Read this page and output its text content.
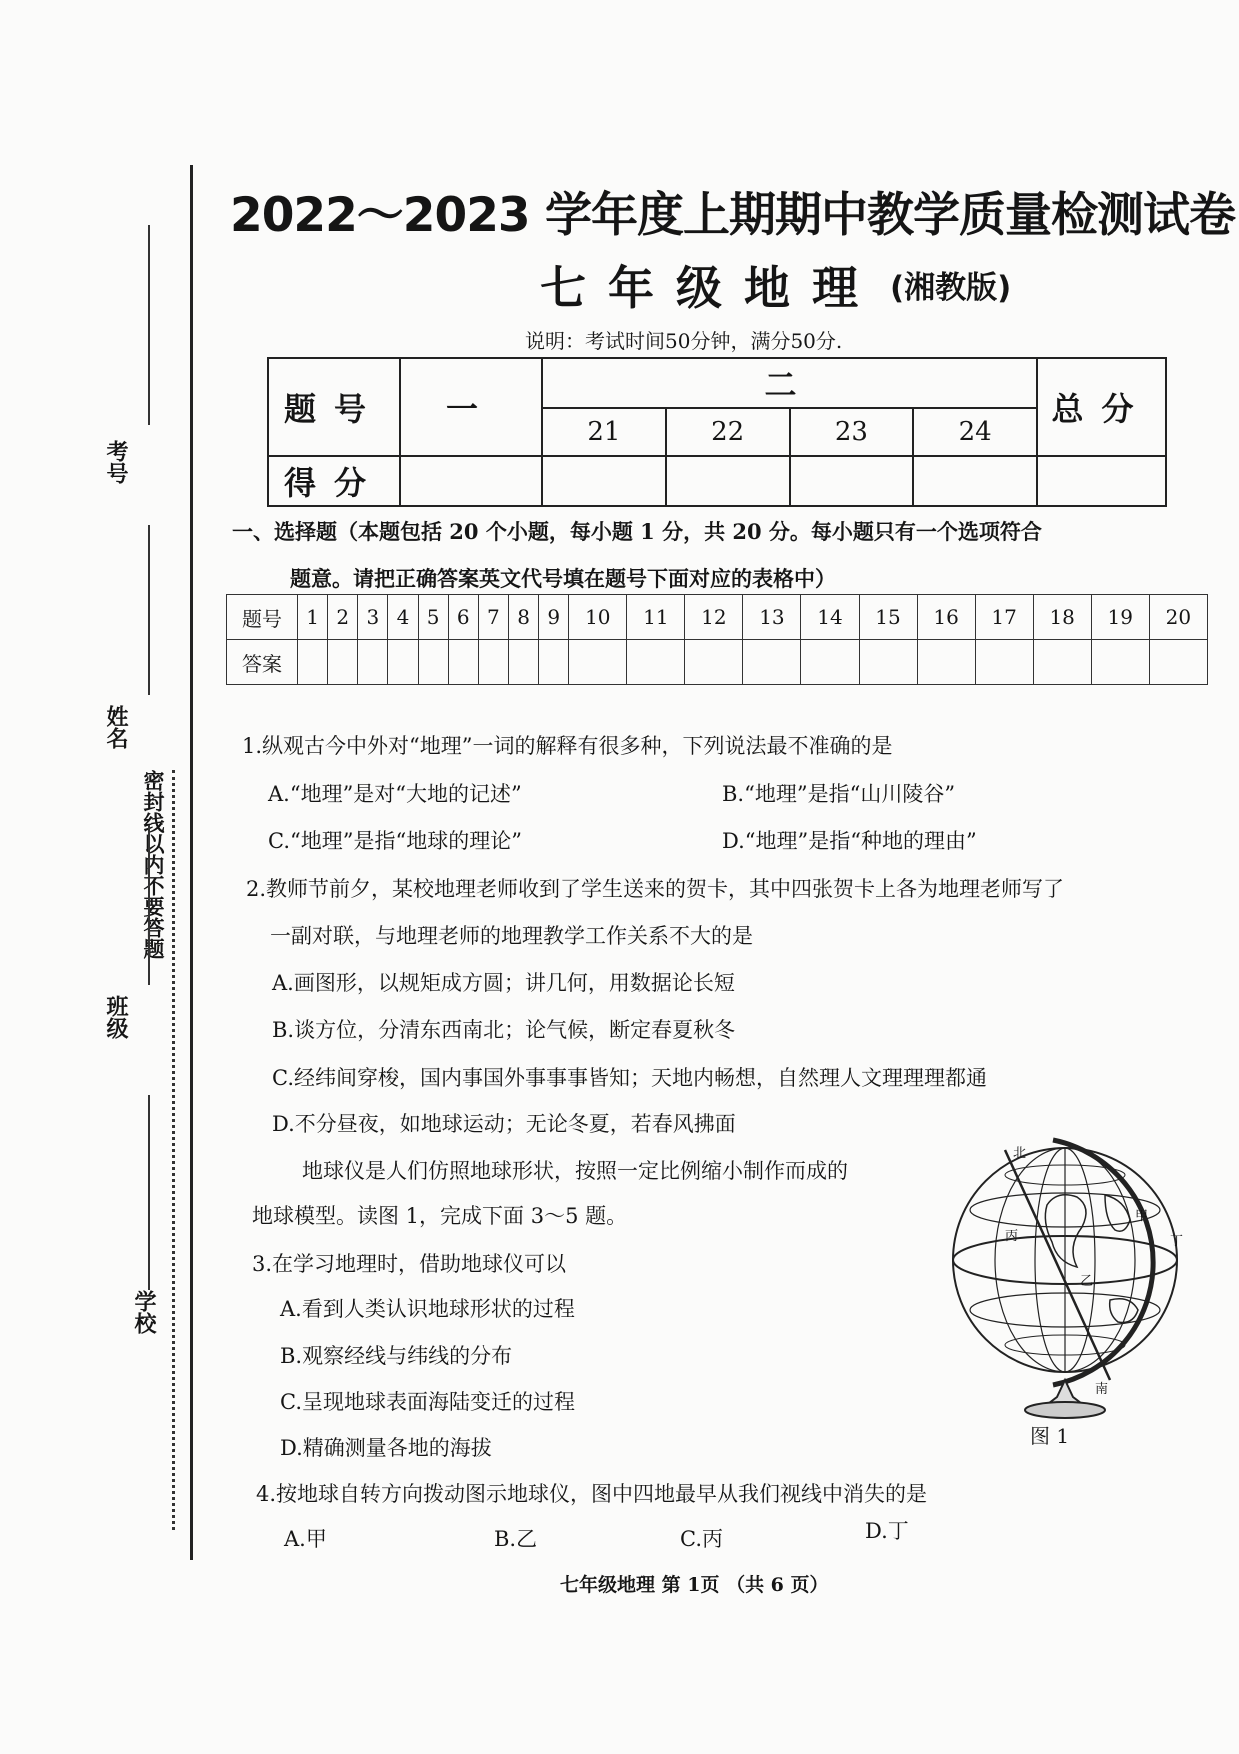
考号
姓名
密封线以内不要答题
班级
学校
2022～2023 学年度上期期中教学质量检测试卷
七年级地理 (湘教版)
说明：考试时间50分钟，满分50分.
题号	一	二				总分
		21	22	23	24	
得分						
一、选择题（本题包括 20 个小题，每小题 1 分，共 20 分。每小题只有一个选项符合
题意。请把正确答案英文代号填在题号下面对应的表格中）
题号	1	2	3	4	5	6	7	8	9	10	11	12	13	14	15	16	17	18	19	20
答案																				
1.纵观古今中外对“地理”一词的解释有很多种，下列说法最不准确的是
A.“地理”是对“大地的记述”	B.“地理”是指“山川陵谷”
C.“地理”是指“地球的理论”	D.“地理”是指“种地的理由”
2.教师节前夕，某校地理老师收到了学生送来的贺卡，其中四张贺卡上各为地理老师写了
一副对联，与地理老师的地理教学工作关系不大的是
A.画图形，以规矩成方圆；讲几何，用数据论长短
B.谈方位，分清东西南北；论气候，断定春夏秋冬
C.经纬间穿梭，国内事国外事事事皆知；天地内畅想，自然理人文理理理都通
D.不分昼夜，如地球运动；无论冬夏，若春风拂面
地球仪是人们仿照地球形状，按照一定比例缩小制作而成的
地球模型。读图 1，完成下面 3～5 题。
3.在学习地理时，借助地球仪可以
A.看到人类认识地球形状的过程
B.观察经线与纬线的分布
C.呈现地球表面海陆变迁的过程
D.精确测量各地的海拔
4.按地球自转方向拨动图示地球仪，图中四地最早从我们视线中消失的是
A.甲	B.乙	C.丙	D.丁
北
南
丙
甲
丁
乙
图 1
七年级地理 第 1页 （共 6 页）
